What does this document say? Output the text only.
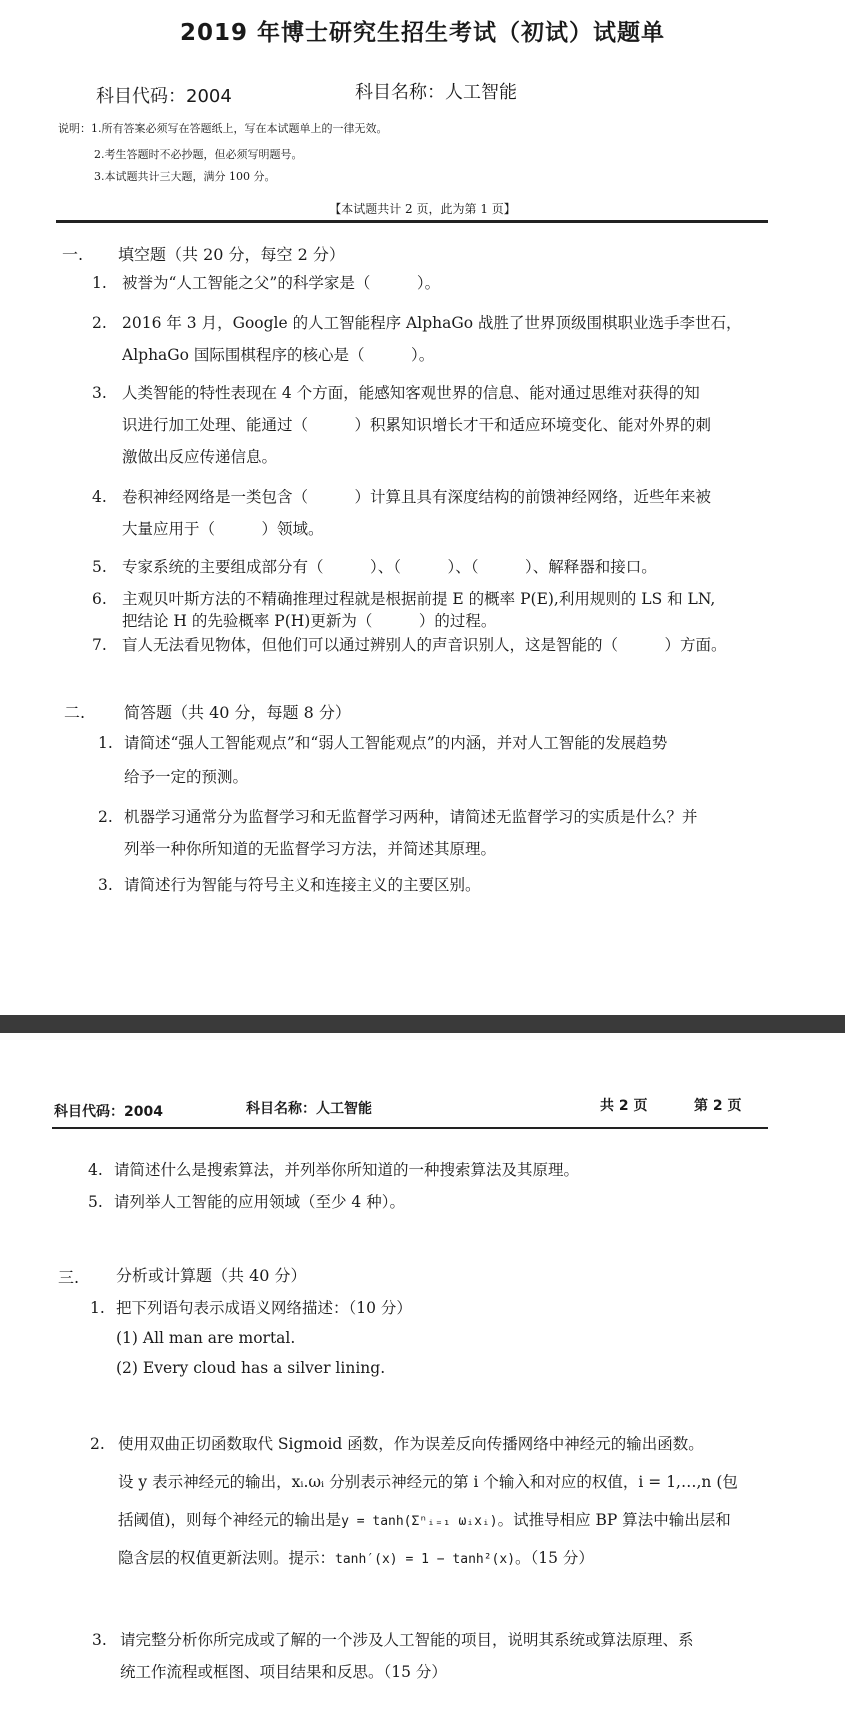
2019 年博士研究生招生考试（初试）试题单
科目代码：2004	科目名称：人工智能
说明：1.所有答案必须写在答题纸上，写在本试题单上的一律无效。
2.考生答题时不必抄题，但必须写明题号。
3.本试题共计三大题，满分 100 分。
【本试题共计 2 页，此为第 1 页】
一. 填空题（共 20 分，每空 2 分）
1. 被誉为“人工智能之父”的科学家是（　　　）。
2. 2016 年 3 月，Google 的人工智能程序 AlphaGo 战胜了世界顶级围棋职业选手李世石，
AlphaGo 国际围棋程序的核心是（　　　）。
3. 人类智能的特性表现在 4 个方面，能感知客观世界的信息、能对通过思维对获得的知
识进行加工处理、能通过（　　　）积累知识增长才干和适应环境变化、能对外界的刺
激做出反应传递信息。
4. 卷积神经网络是一类包含（　　　）计算且具有深度结构的前馈神经网络，近些年来被
大量应用于（　　　）领域。
5. 专家系统的主要组成部分有（　　　）、（　　　）、（　　　）、解释器和接口。
6. 主观贝叶斯方法的不精确推理过程就是根据前提 E 的概率 P(E),利用规则的 LS 和 LN,
把结论 H 的先验概率 P(H)更新为（　　　）的过程。
7. 盲人无法看见物体，但他们可以通过辨别人的声音识别人，这是智能的（　　　）方面。
二. 简答题（共 40 分，每题 8 分）
1. 请简述“强人工智能观点”和“弱人工智能观点”的内涵，并对人工智能的发展趋势
给予一定的预测。
2. 机器学习通常分为监督学习和无监督学习两种，请简述无监督学习的实质是什么？并
列举一种你所知道的无监督学习方法，并简述其原理。
3. 请简述行为智能与符号主义和连接主义的主要区别。
科目代码：2004	科目名称：人工智能	共 2 页	第 2 页
4. 请简述什么是搜索算法，并列举你所知道的一种搜索算法及其原理。
5. 请列举人工智能的应用领域（至少 4 种）。
三. 分析或计算题（共 40 分）
1. 把下列语句表示成语义网络描述：（10 分）
(1) All man are mortal.
(2) Every cloud has a silver lining.
2. 使用双曲正切函数取代 Sigmoid 函数，作为误差反向传播网络中神经元的输出函数。
设 y 表示神经元的输出，xᵢ.ωᵢ 分别表示神经元的第 i 个输入和对应的权值，i = 1,…,n (包
括阈值)，则每个神经元的输出是y = tanh(Σⁿᵢ₌₁ ωᵢxᵢ)。试推导相应 BP 算法中输出层和
隐含层的权值更新法则。提示：tanh′(x) = 1 − tanh²(x)。（15 分）
3. 请完整分析你所完成或了解的一个涉及人工智能的项目，说明其系统或算法原理、系
统工作流程或框图、项目结果和反思。（15 分）
